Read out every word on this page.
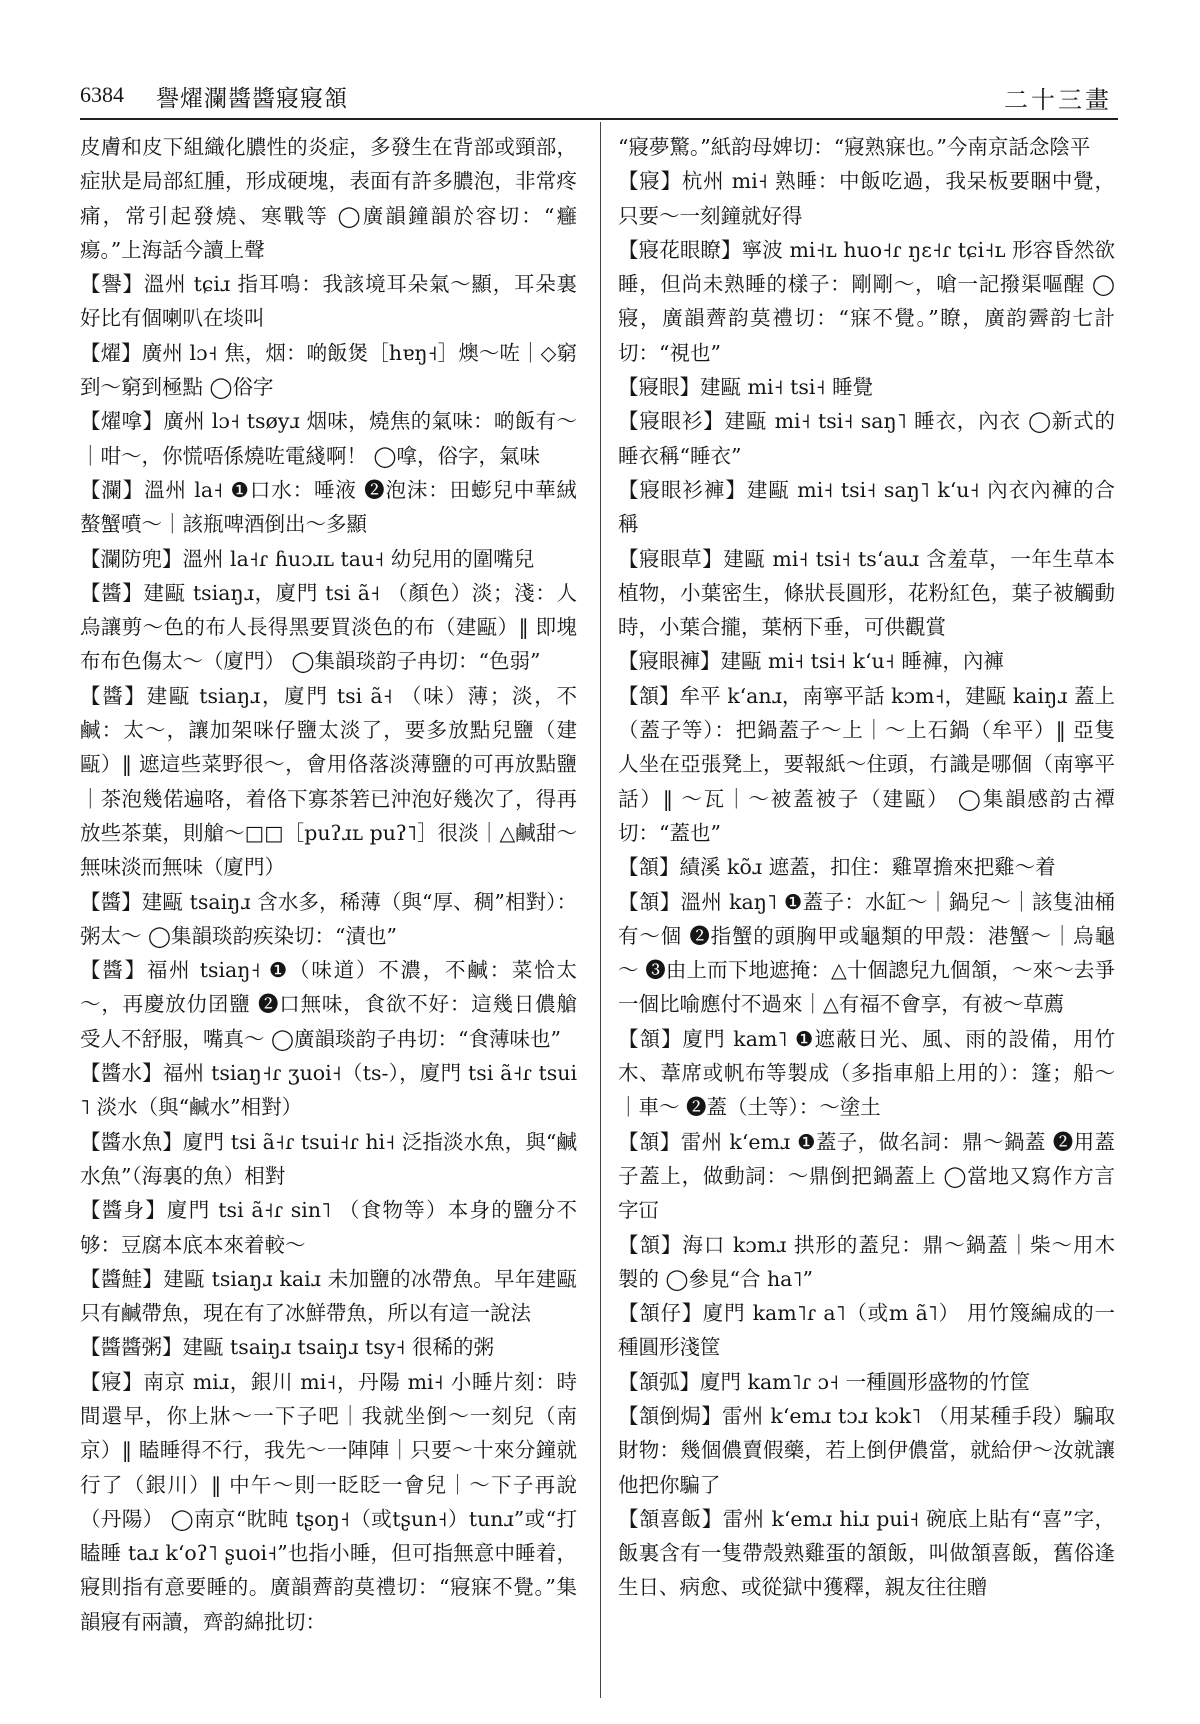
6384 譽燿瀾醬醬寢寢頷	二十三畫

皮膚和皮下組織化膿性的炎症，多發生在背部或頸部，症狀是局部紅腫，形成硬塊，表面有許多膿泡，非常疼痛，常引起發燒、寒戰等 ◯廣韻鐘韻於容切：“癰瘍。”上海話今讀上聲

【譽】溫州 tɕiɹ 指耳鳴：我該境耳朵氣～顯，耳朵裏好比有個喇叭在埮叫

【燿】廣州 lɔ˧ 焦，烟：啲飯煲［hɐŋ˧］燠～咗｜◇窮到～窮到極點 ◯俗字

【燿嗱】廣州 lɔ˧ tsøyɹ 烟味，燒焦的氣味：啲飯有～｜咁～，你慌唔係燒咗電綫啊！ ◯嗱，俗字，氣味

【瀾】溫州 la˧ ❶口水：唾液 ❷泡沫：田蟛兒中華絨螯蟹噴～｜該瓶啤酒倒出～多顯

【瀾防兜】溫州 la˧ɾ ɦuɔɹʟ tau˧ 幼兒用的圍嘴兒

【醬】建甌 tsiaŋɹ，廈門 tsi ã˧ （顏色）淡；淺：人烏讓剪～色的布人長得黑要買淡色的布（建甌）‖ 即塊布布色傷太～（廈門） ◯集韻琰韵子冉切：“色弱”

【醬】建甌 tsiaŋɹ，廈門 tsi ã˧ （味）薄；淡，不鹹：太～，讓加架咪仔鹽太淡了，要多放點兒鹽（建甌）‖ 遮這些菜野很～，會用佫落淡薄鹽的可再放點鹽｜茶泡幾偌遍咯，着佫下寡茶箬已沖泡好幾次了，得再放些茶葉，則艙～□□［puʔɹʟ puʔ˥］很淡｜△鹹甜～無味淡而無味（廈門）

【醬】建甌 tsaiŋɹ 含水多，稀薄（與“厚、稠”相對）：粥太～ ◯集韻琰韵疾染切：“漬也”

【醬】福州 tsiaŋ˧ ❶（味道）不濃，不鹹：菜恰太～，再慶放仂囝鹽 ❷口無味，食欲不好：這幾日儂艙受人不舒服，嘴真～ ◯廣韻琰韵子冉切：“食薄味也”

【醬水】福州 tsiaŋ˧ɾ ʒuoi˧（ts-），廈門 tsi ã˧ɾ tsui˥ 淡水（與“鹹水”相對）

【醬水魚】廈門 tsi ã˧ɾ tsui˧ɾ hi˧ 泛指淡水魚，與“鹹水魚”（海裏的魚）相對

【醬身】廈門 tsi ã˧ɾ sin˥ （食物等）本身的鹽分不够：豆腐本底本來着較～

【醬鮭】建甌 tsiaŋɹ kaiɹ 未加鹽的冰帶魚。早年建甌只有鹹帶魚，現在有了冰鮮帶魚，所以有這一說法

【醬醬粥】建甌 tsaiŋɹ tsaiŋɹ tsy˧ 很稀的粥

【寢】南京 miɹ，銀川 mi˧，丹陽 mi˧ 小睡片刻：時間還早，你上牀～一下子吧｜我就坐倒～一刻兒（南京）‖ 瞌睡得不行，我先～一陣陣｜只要～十來分鐘就行了（銀川）‖ 中午～則一眨眨一會兒｜～下子再說（丹陽） ◯南京“眈盹 tʂoŋ˧（或tʂun˧）tunɹ”或“打瞌睡 taɹ kʻoʔ˥ ʂuoi˧”也指小睡，但可指無意中睡着，寢則指有意要睡的。廣韻薺韵莫禮切：“寢寐不覺。”集韻寢有兩讀，齊韵綿批切：

“寢夢驚。”紙韵母婢切：“寢熟寐也。”今南京話念陰平

【寢】杭州 mi˧ 熟睡：中飯吃過，我呆板要睏中覺，只要～一刻鐘就好得

【寢花眼瞭】寧波 mi˧ʟ huo˧ɾ ŋɛ˧ɾ tɕi˧ʟ 形容昏然欲睡，但尚未熟睡的樣子：剛剛～，嗆一記撥渠嘔醒 ◯寢，廣韻薺韵莫禮切：“寐不覺。”瞭，廣韵霽韵七計切：“視也”

【寢眼】建甌 mi˧ tsi˧ 睡覺

【寢眼衫】建甌 mi˧ tsi˧ saŋ˥ 睡衣，內衣 ◯新式的睡衣稱“睡衣”

【寢眼衫褲】建甌 mi˧ tsi˧ saŋ˥ kʻu˧ 內衣內褲的合稱

【寢眼草】建甌 mi˧ tsi˧ tsʻauɹ 含羞草，一年生草本植物，小葉密生，條狀長圓形，花粉紅色，葉子被觸動時，小葉合攏，葉柄下垂，可供觀賞

【寢眼褲】建甌 mi˧ tsi˧ kʻu˧ 睡褲，內褲

【頷】牟平 kʻanɹ，南寧平話 kɔm˧，建甌 kaiŋɹ 蓋上（蓋子等）：把鍋蓋子～上｜～上石鍋（牟平）‖ 亞隻人坐在亞張凳上，要報紙～住頭，冇識是哪個（南寧平話）‖ ～瓦｜～被蓋被子（建甌） ◯集韻感韵古禫切：“蓋也”

【頷】績溪 kõɹ 遮蓋，扣住：雞罩擔來把雞～着

【頷】溫州 kaŋ˥ ❶蓋子：水缸～｜鍋兒～｜該隻油桶有～個 ❷指蟹的頭胸甲或龜類的甲殼：港蟹～｜烏龜～ ❸由上而下地遮掩：△十個謥兒九個頷，～來～去爭一個比喻應付不過來｜△有福不會享，有被～草薦

【頷】廈門 kam˥ ❶遮蔽日光、風、雨的設備，用竹木、葦席或帆布等製成（多指車船上用的）：篷；船～｜車～ ❷蓋（土等）：～塗土

【頷】雷州 kʻemɹ ❶蓋子，做名詞：鼎～鍋蓋 ❷用蓋子蓋上，做動詞：～鼎倒把鍋蓋上 ◯當地又寫作方言字冚

【頷】海口 kɔmɹ 拱形的蓋兒：鼎～鍋蓋｜柴～用木製的 ◯參見“合 ha˥”

【頷仔】廈門 kam˥ɾ a˥（或m ã˥） 用竹篾編成的一種圓形淺筐

【頷弧】廈門 kam˥ɾ ɔ˧ 一種圓形盛物的竹筐

【頷倒焗】雷州 kʻemɹ tɔɹ kɔk˥ （用某種手段）騙取財物：幾個儂賣假藥，若上倒伊儂當，就給伊～汝就讓他把你騙了

【頷喜飯】雷州 kʻemɹ hiɹ pui˧ 碗底上貼有“喜”字，飯裏含有一隻帶殼熟雞蛋的頷飯，叫做頷喜飯，舊俗逢生日、病愈、或從獄中獲釋，親友往往贈
